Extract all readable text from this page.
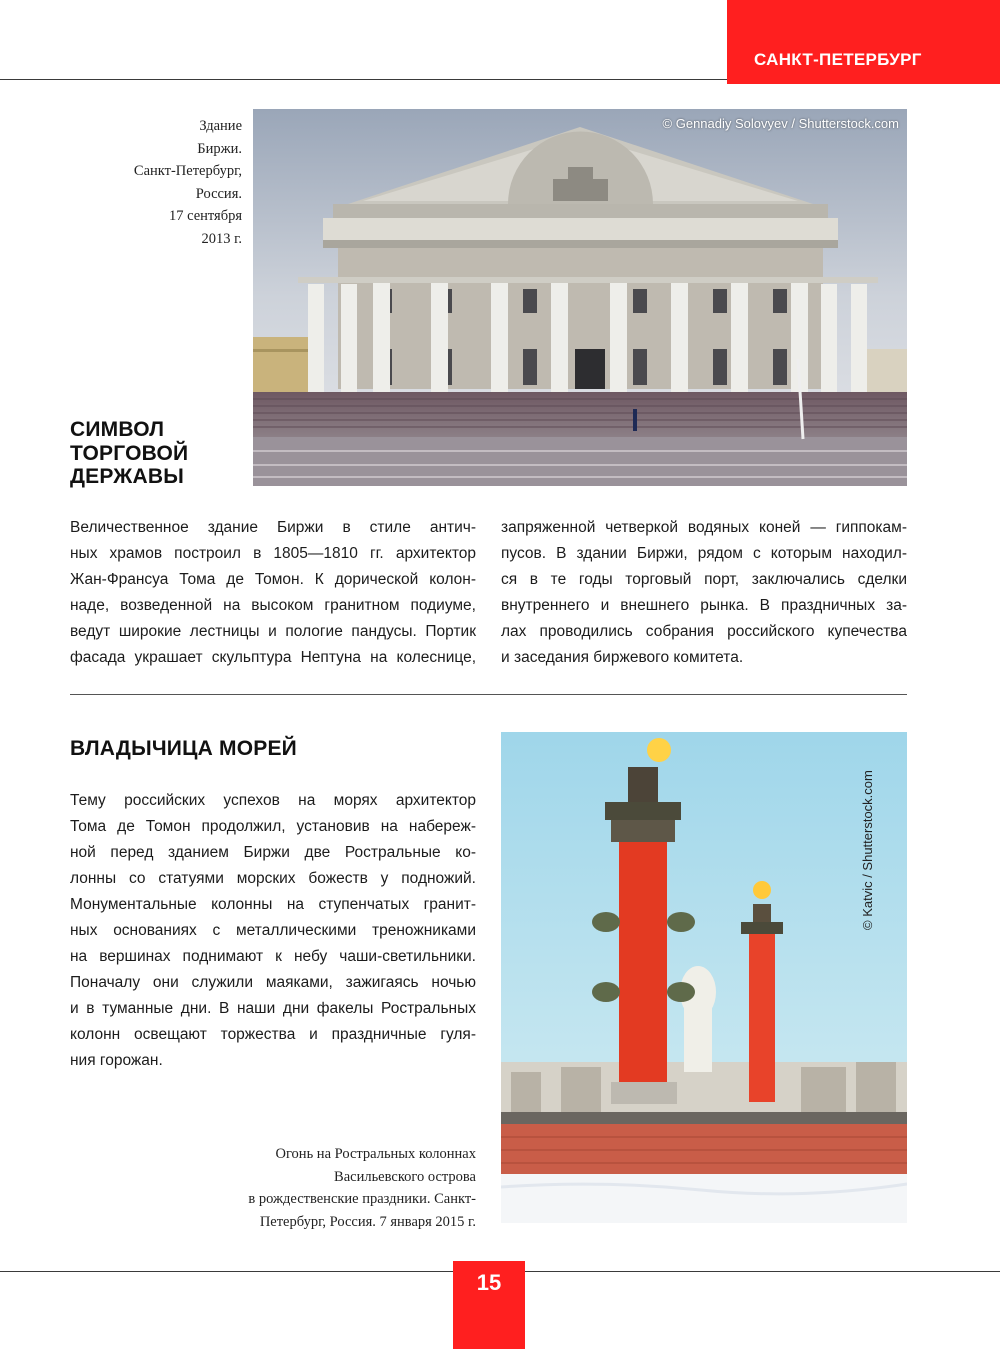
САНКТ-ПЕТЕРБУРГ
Здание
Биржи.
Санкт-Петербург,
Россия.
17 сентября
2013 г.
© Gennadiy Solovyev / Shutterstock.com
СИМВОЛ
ТОРГОВОЙ
ДЕРЖАВЫ
Величественное здание Биржи в стиле антич-
ных храмов построил в 1805—1810 гг. архитектор
Жан-Франсуа Тома де Томон. К дорической колон-
наде, возведенной на высоком гранитном подиуме,
ведут широкие лестницы и пологие пандусы. Портик
фасада украшает скульптура Нептуна на колеснице,
запряженной четверкой водяных коней — гиппокам-
пусов. В здании Биржи, рядом с которым находил-
ся в те годы торговый порт, заключались сделки
внутреннего и внешнего рынка. В праздничных за-
лах проводились собрания российского купечества
и заседания биржевого комитета.
ВЛАДЫЧИЦА МОРЕЙ
Тему российских успехов на морях архитектор
Тома де Томон продолжил, установив на набереж-
ной перед зданием Биржи две Ростральные ко-
лонны со статуями морских божеств у подножий.
Монументальные колонны на ступенчатых гранит-
ных основаниях с металлическими треножниками
на вершинах поднимают к небу чаши-светильники.
Поначалу они служили маяками, зажигаясь ночью
и в туманные дни. В наши дни факелы Ростральных
колонн освещают торжества и праздничные гуля-
ния горожан.
© Katvic / Shutterstock.com
Огонь на Ростральных колоннах
Васильевского острова
в рождественские праздники. Санкт-
Петербург, Россия. 7 января 2015 г.
15
